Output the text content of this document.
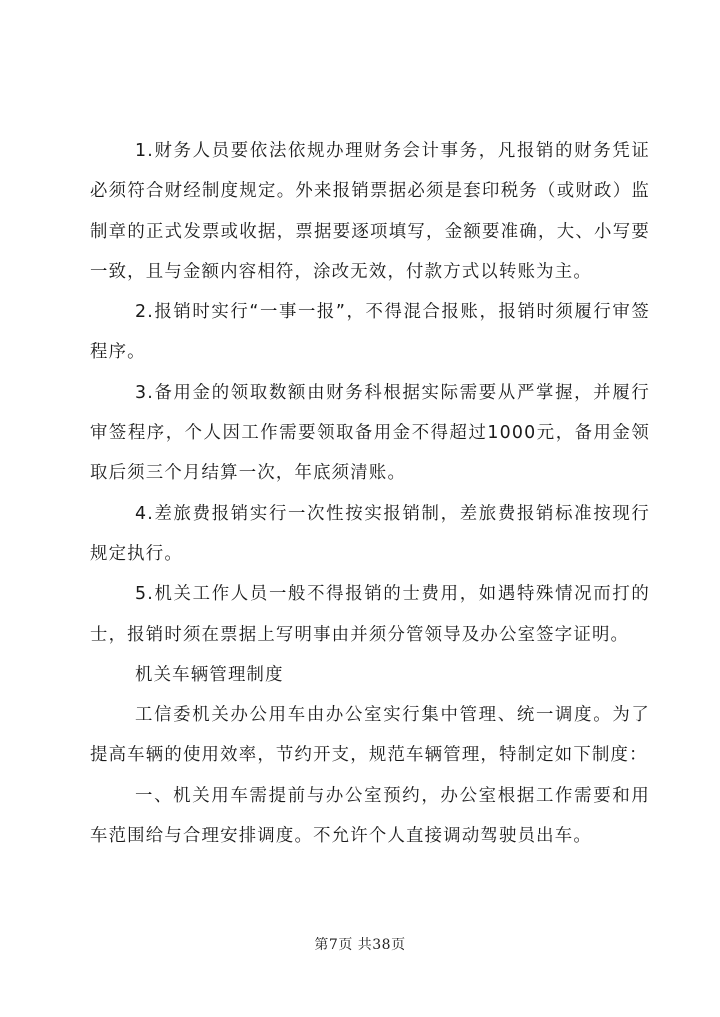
1.财务人员要依法依规办理财务会计事务，凡报销的财务凭证必须符合财经制度规定。外来报销票据必须是套印税务（或财政）监制章的正式发票或收据，票据要逐项填写，金额要准确，大、小写要一致，且与金额内容相符，涂改无效，付款方式以转账为主。

2.报销时实行“一事一报”，不得混合报账，报销时须履行审签程序。

3.备用金的领取数额由财务科根据实际需要从严掌握，并履行审签程序，个人因工作需要领取备用金不得超过1000元，备用金领取后须三个月结算一次，年底须清账。

4.差旅费报销实行一次性按实报销制，差旅费报销标准按现行规定执行。

5.机关工作人员一般不得报销的士费用，如遇特殊情况而打的士，报销时须在票据上写明事由并须分管领导及办公室签字证明。

机关车辆管理制度

工信委机关办公用车由办公室实行集中管理、统一调度。为了提高车辆的使用效率，节约开支，规范车辆管理，特制定如下制度：

一、机关用车需提前与办公室预约，办公室根据工作需要和用车范围给与合理安排调度。不允许个人直接调动驾驶员出车。

第7页 共38页
